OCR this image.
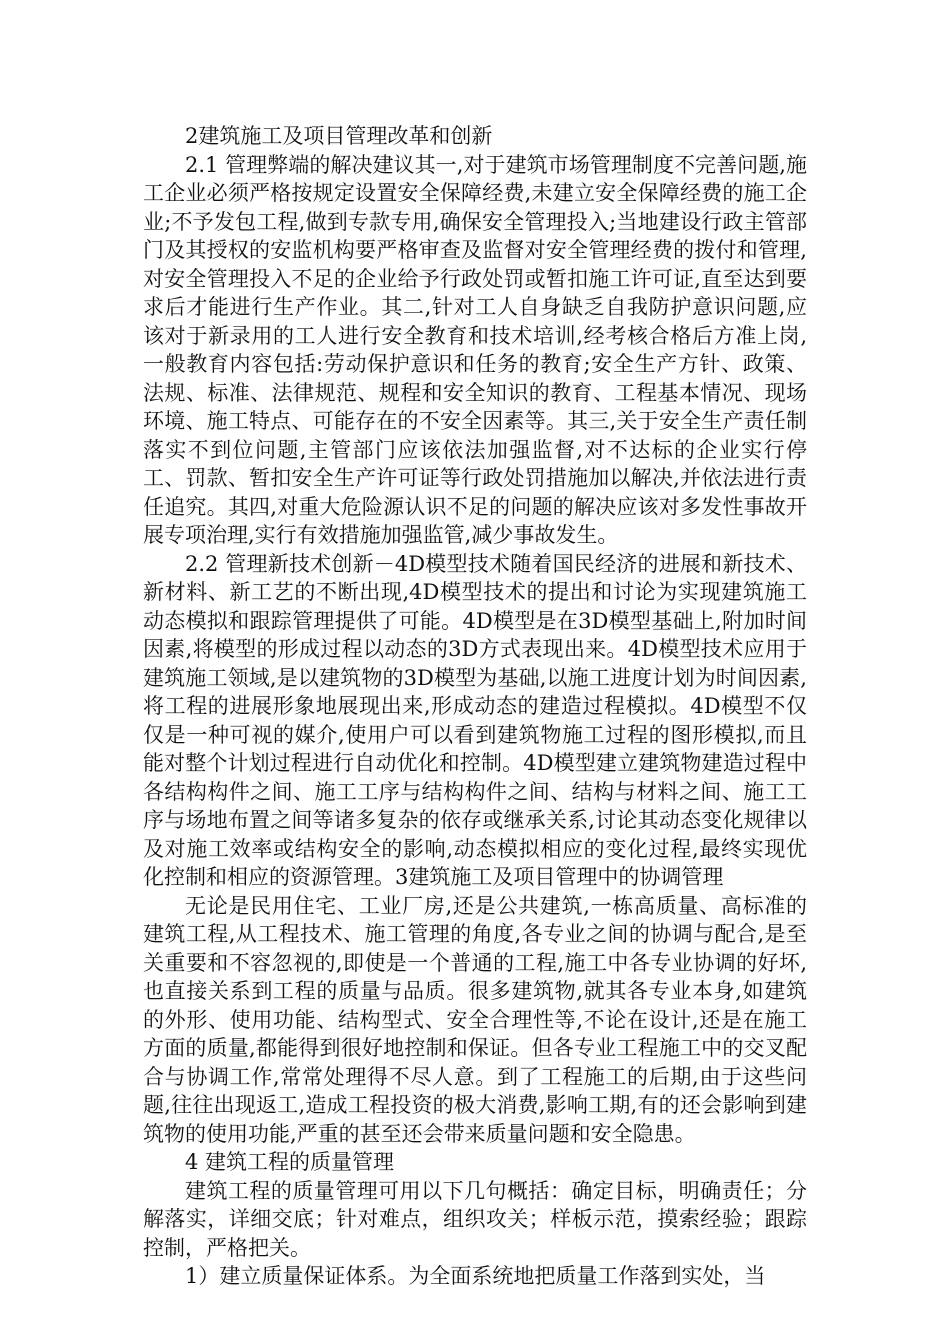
2建筑施工及项目管理改革和创新

2.1 管理弊端的解决建议其一,对于建筑市场管理制度不完善问题,施工企业必须严格按规定设置安全保障经费,未建立安全保障经费的施工企业;不予发包工程,做到专款专用,确保安全管理投入;当地建设行政主管部门及其授权的安监机构要严格审查及监督对安全管理经费的拨付和管理,对安全管理投入不足的企业给予行政处罚或暂扣施工许可证,直至达到要求后才能进行生产作业。其二,针对工人自身缺乏自我防护意识问题,应该对于新录用的工人进行安全教育和技术培训,经考核合格后方准上岗,一般教育内容包括:劳动保护意识和任务的教育;安全生产方针、政策、法规、标准、法律规范、规程和安全知识的教育、工程基本情况、现场环境、施工特点、可能存在的不安全因素等。其三,关于安全生产责任制落实不到位问题,主管部门应该依法加强监督,对不达标的企业实行停工、罚款、暂扣安全生产许可证等行政处罚措施加以解决,并依法进行责任追究。其四,对重大危险源认识不足的问题的解决应该对多发性事故开展专项治理,实行有效措施加强监管,减少事故发生。

2.2 管理新技术创新－4D模型技术随着国民经济的进展和新技术、新材料、新工艺的不断出现,4D模型技术的提出和讨论为实现建筑施工动态模拟和跟踪管理提供了可能。4D模型是在3D模型基础上,附加时间因素,将模型的形成过程以动态的3D方式表现出来。4D模型技术应用于建筑施工领域,是以建筑物的3D模型为基础,以施工进度计划为时间因素,将工程的进展形象地展现出来,形成动态的建造过程模拟。4D模型不仅仅是一种可视的媒介,使用户可以看到建筑物施工过程的图形模拟,而且能对整个计划过程进行自动优化和控制。4D模型建立建筑物建造过程中各结构构件之间、施工工序与结构构件之间、结构与材料之间、施工工序与场地布置之间等诸多复杂的依存或继承关系,讨论其动态变化规律以及对施工效率或结构安全的影响,动态模拟相应的变化过程,最终实现优化控制和相应的资源管理。3建筑施工及项目管理中的协调管理

无论是民用住宅、工业厂房,还是公共建筑,一栋高质量、高标准的建筑工程,从工程技术、施工管理的角度,各专业之间的协调与配合,是至关重要和不容忽视的,即使是一个普通的工程,施工中各专业协调的好坏,也直接关系到工程的质量与品质。很多建筑物,就其各专业本身,如建筑的外形、使用功能、结构型式、安全合理性等,不论在设计,还是在施工方面的质量,都能得到很好地控制和保证。但各专业工程施工中的交叉配合与协调工作,常常处理得不尽人意。到了工程施工的后期,由于这些问题,往往出现返工,造成工程投资的极大消费,影响工期,有的还会影响到建筑物的使用功能,严重的甚至还会带来质量问题和安全隐患。

4 建筑工程的质量管理

建筑工程的质量管理可用以下几句概括：确定目标，明确责任；分解落实，详细交底；针对难点，组织攻关；样板示范，摸索经验；跟踪控制，严格把关。

1）建立质量保证体系。为全面系统地把质量工作落到实处，当
